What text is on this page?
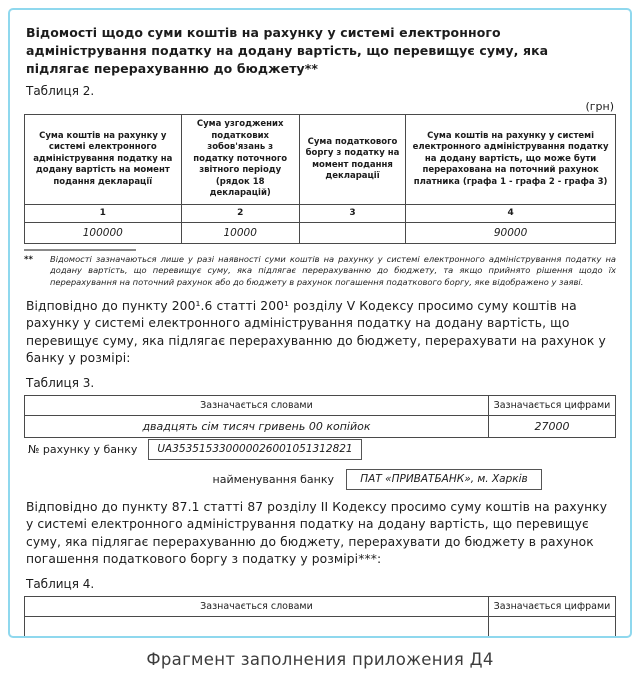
Відомості щодо суми коштів на рахунку у системі електронного адміністрування податку на додану вартість, що перевищує суму, яка підлягає перерахуванню до бюджету**

Таблиця 2.
(грн)
Сума коштів на рахунку у системі електронного адміністрування податку на додану вартість на момент подання декларації	Сума узгоджених податкових зобов'язань з податку поточного звітного періоду (рядок 18 декларацій)	Сума податкового боргу з податку на момент подання декларації	Сума коштів на рахунку у системі електронного адміністрування податку на додану вартість, що може бути перерахована на поточний рахунок платника (графа 1 - графа 2 - графа 3)
1	2	3	4
100000	10000		90000
**	Відомості зазначаються лише у разі наявності суми коштів на рахунку у системі електронного адміністрування податку на додану вартість, що перевищує суму, яка підлягає перерахуванню до бюджету, та якщо прийнято рішення щодо їх перерахування на поточний рахунок або до бюджету в рахунок погашення податкового боргу, яке відображено у заяві.

Відповідно до пункту 200¹.6 статті 200¹ розділу V Кодексу просимо суму коштів на рахунку у системі електронного адміністрування податку на додану вартість, що перевищує суму, яка підлягає перерахуванню до бюджету, перерахувати на рахунок у банку у розмірі:

Таблиця 3.
Зазначається словами	Зазначається цифрами
двадцять сім тисяч гривень 00 копійок	27000
№ рахунку у банку	UA353515330000026001051312821
найменування банку	ПАТ «ПРИВАТБАНК», м. Харків

Відповідно до пункту 87.1 статті 87 розділу II Кодексу просимо суму коштів на рахунку у системі електронного адміністрування податку на додану вартість, що перевищує суму, яка підлягає перерахуванню до бюджету, перерахувати до бюджету в рахунок погашення податкового боргу з податку у розмірі***:

Таблиця 4.
Зазначається словами	Зазначається цифрами

Фрагмент заполнения приложения Д4
